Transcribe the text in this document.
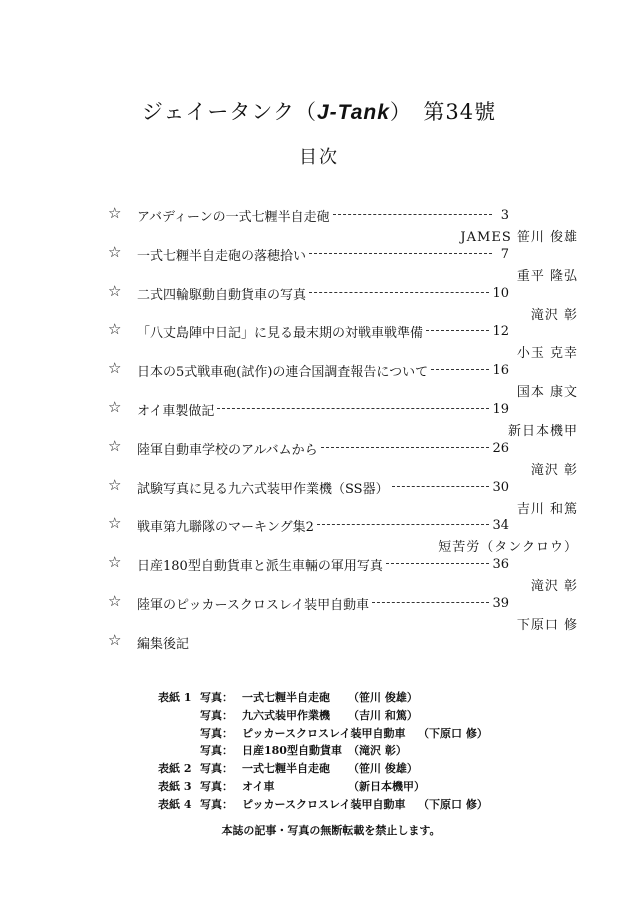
ジェイータンク（J-Tank）　第34號
目次
☆ アバディーンの一式七糎半自走砲	3
JAMES 笹川 俊雄
☆ 一式七糎半自走砲の落穂拾い	7
重平 隆弘
☆ 二式四輪駆動自動貨車の写真	10
滝沢 彰
☆ 「八丈島陣中日記」に見る最末期の対戦車戦準備	12
小玉 克幸
☆ 日本の5式戦車砲(試作)の連合国調査報告について	16
国本 康文
☆ オイ車製做記	19
新日本機甲
☆ 陸軍自動車学校のアルバムから	26
滝沢 彰
☆ 試験写真に見る九六式装甲作業機（SS器）	30
吉川 和篤
☆ 戦車第九聯隊のマーキング集2	34
短苦労（タンクロウ）
☆ 日産180型自動貨車と派生車輛の軍用写真	36
滝沢 彰
☆ 陸軍のピッカースクロスレイ装甲自動車	39
下原口 修
☆ 編集後記
表紙 1 写真： 一式七糎半自走砲 （笹川 俊雄）
写真： 九六式装甲作業機 （吉川 和篤）
写真： ピッカースクロスレイ装甲自動車 （下原口 修）
写真： 日産180型自動貨車 （滝沢 彰）
表紙 2 写真： 一式七糎半自走砲 （笹川 俊雄）
表紙 3 写真： オイ車	（新日本機甲）
表紙 4 写真： ピッカースクロスレイ装甲自動車 （下原口 修）
本誌の記事・写真の無断転載を禁止します。
